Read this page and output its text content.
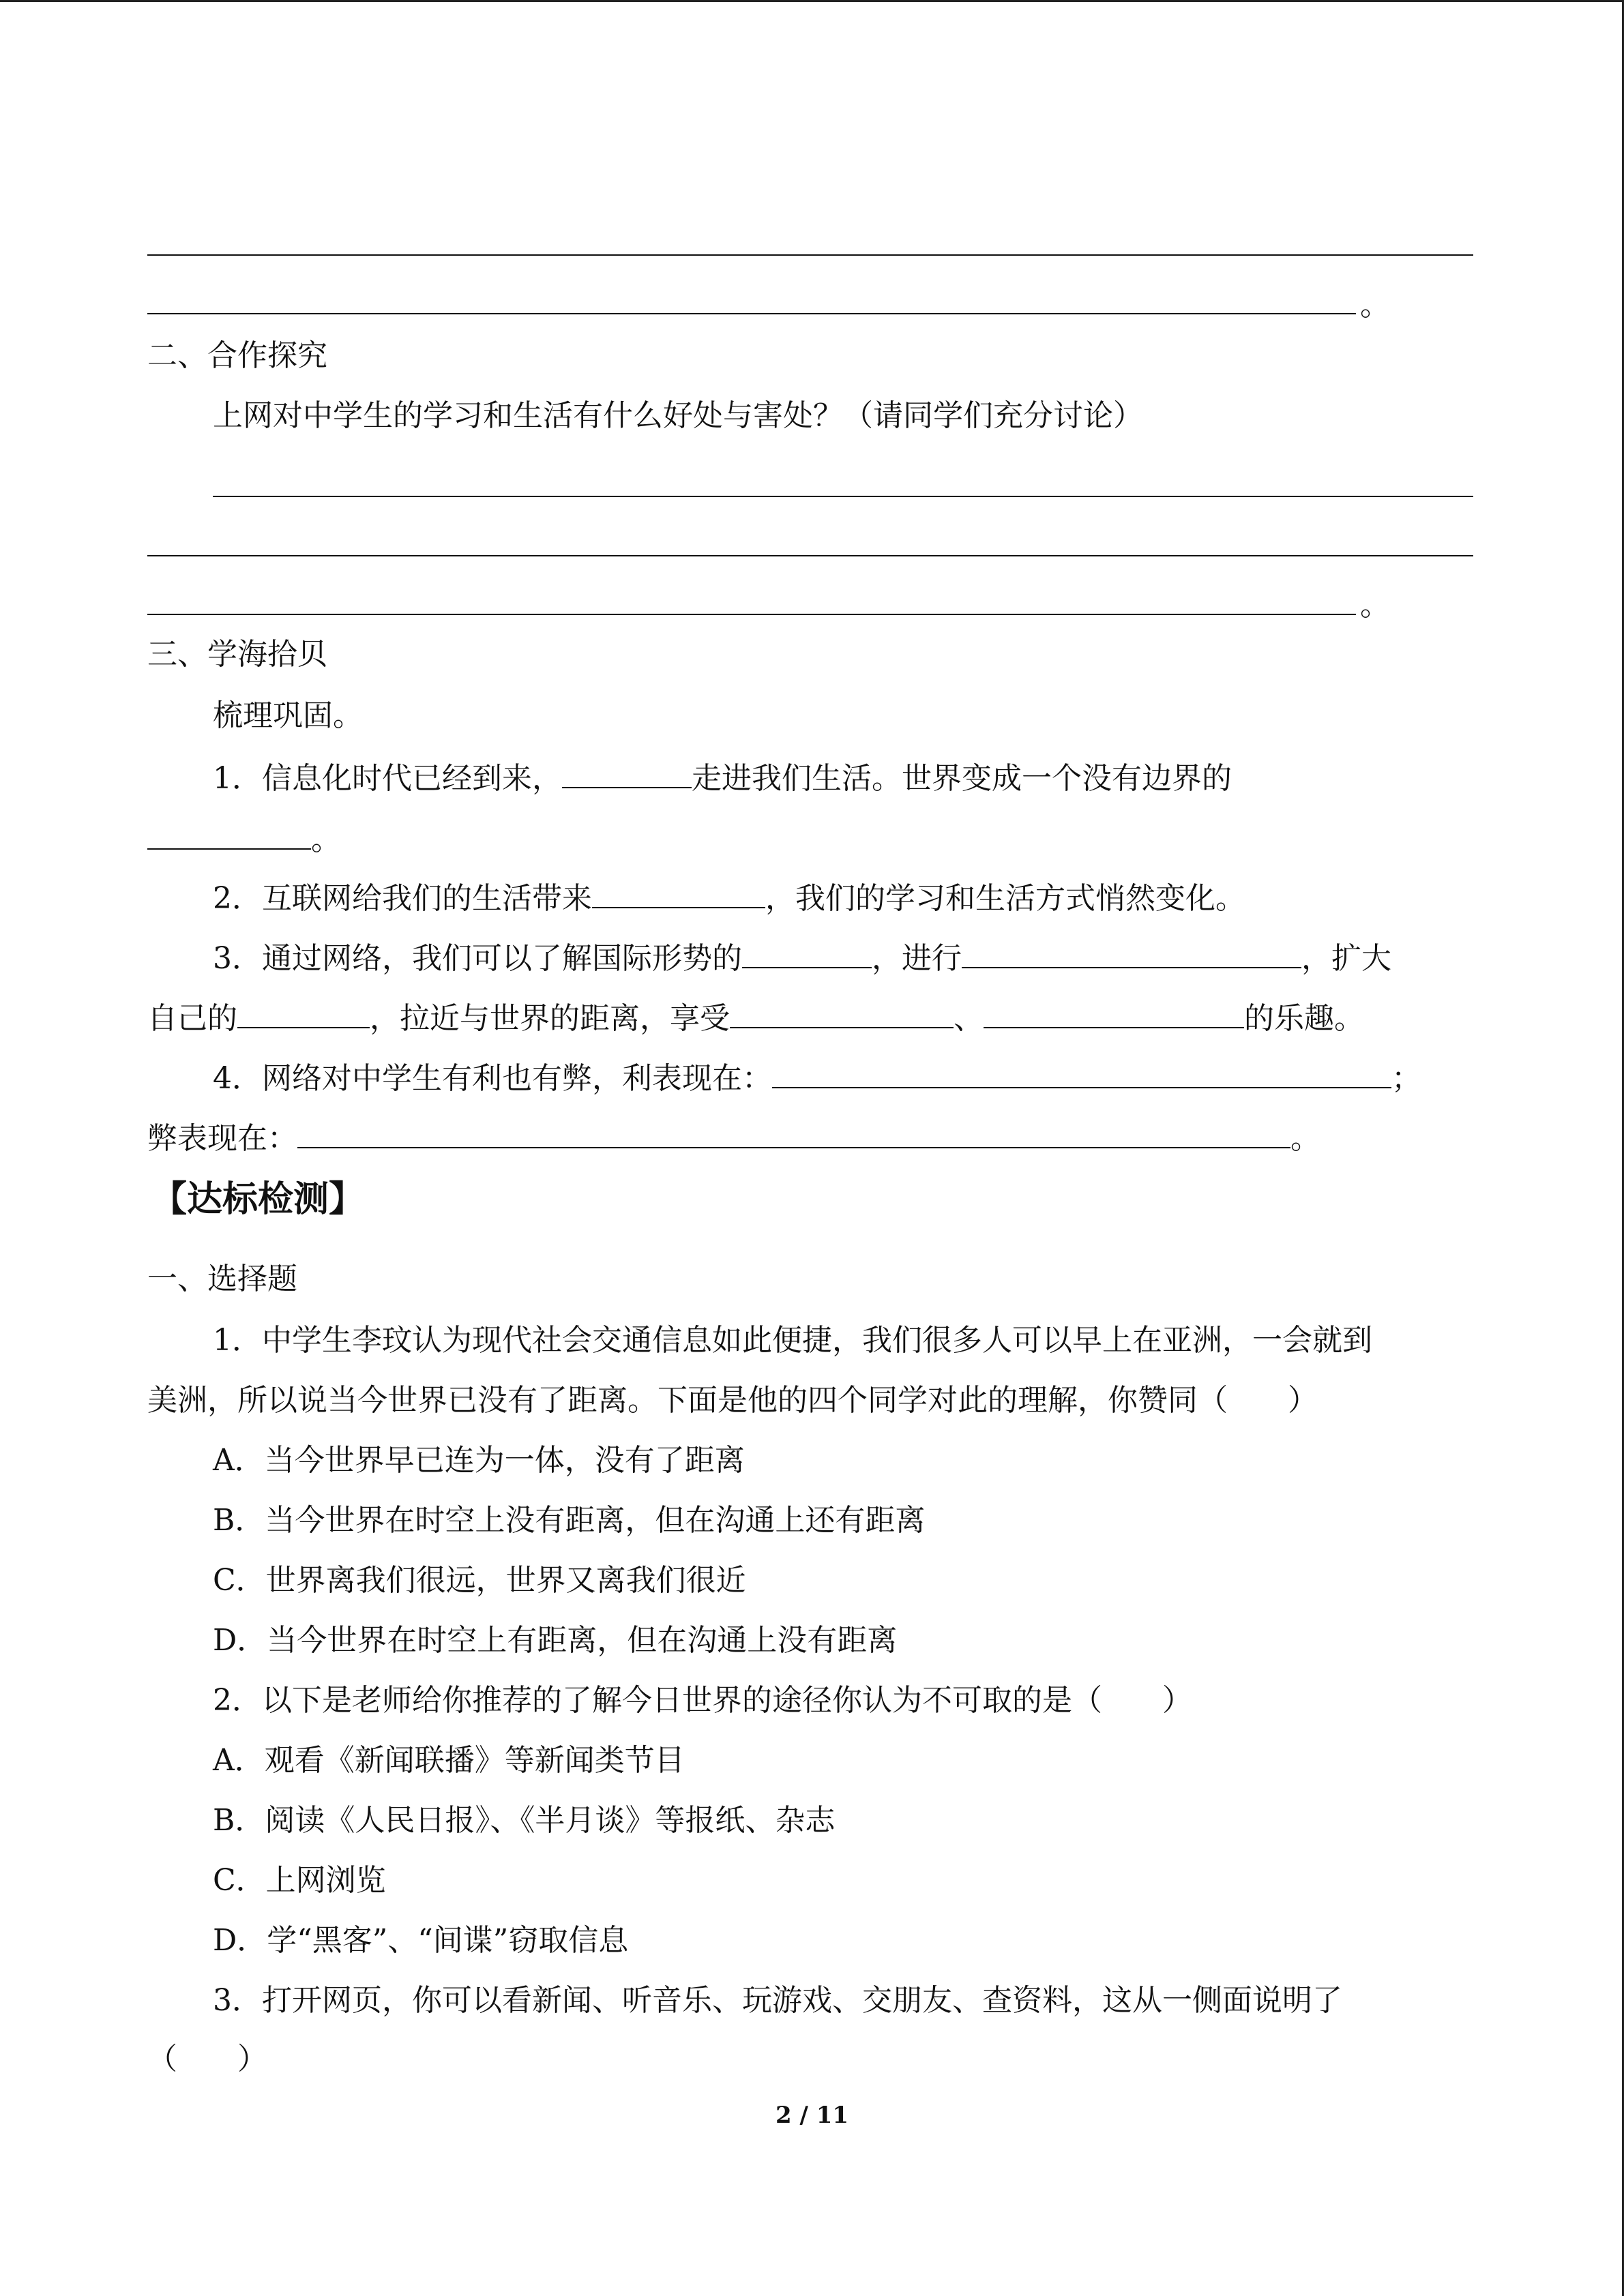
。
二、合作探究
上网对中学生的学习和生活有什么好处与害处？（请同学们充分讨论）
。
三、学海拾贝
梳理巩固。
1．信息化时代已经到来，	走进我们生活。世界变成一个没有边界的
。
2．互联网给我们的生活带来	，我们的学习和生活方式悄然变化。
3．通过网络，我们可以了解国际形势的	，进行	，扩大
自己的	，拉近与世界的距离，享受	、	的乐趣。
4．网络对中学生有利也有弊，利表现在：	；
弊表现在：	。
【达标检测】
一、选择题
1．中学生李玟认为现代社会交通信息如此便捷，我们很多人可以早上在亚洲，一会就到
美洲，所以说当今世界已没有了距离。下面是他的四个同学对此的理解，你赞同（　　）
A．当今世界早已连为一体，没有了距离
B．当今世界在时空上没有距离，但在沟通上还有距离
C．世界离我们很远，世界又离我们很近
D．当今世界在时空上有距离，但在沟通上没有距离
2．以下是老师给你推荐的了解今日世界的途径你认为不可取的是（　　）
A．观看《新闻联播》等新闻类节目
B．阅读《人民日报》、《半月谈》等报纸、杂志
C．上网浏览
D．学“黑客”、“间谍”窃取信息
3．打开网页，你可以看新闻、听音乐、玩游戏、交朋友、查资料，这从一侧面说明了
（　　）
2 / 11
